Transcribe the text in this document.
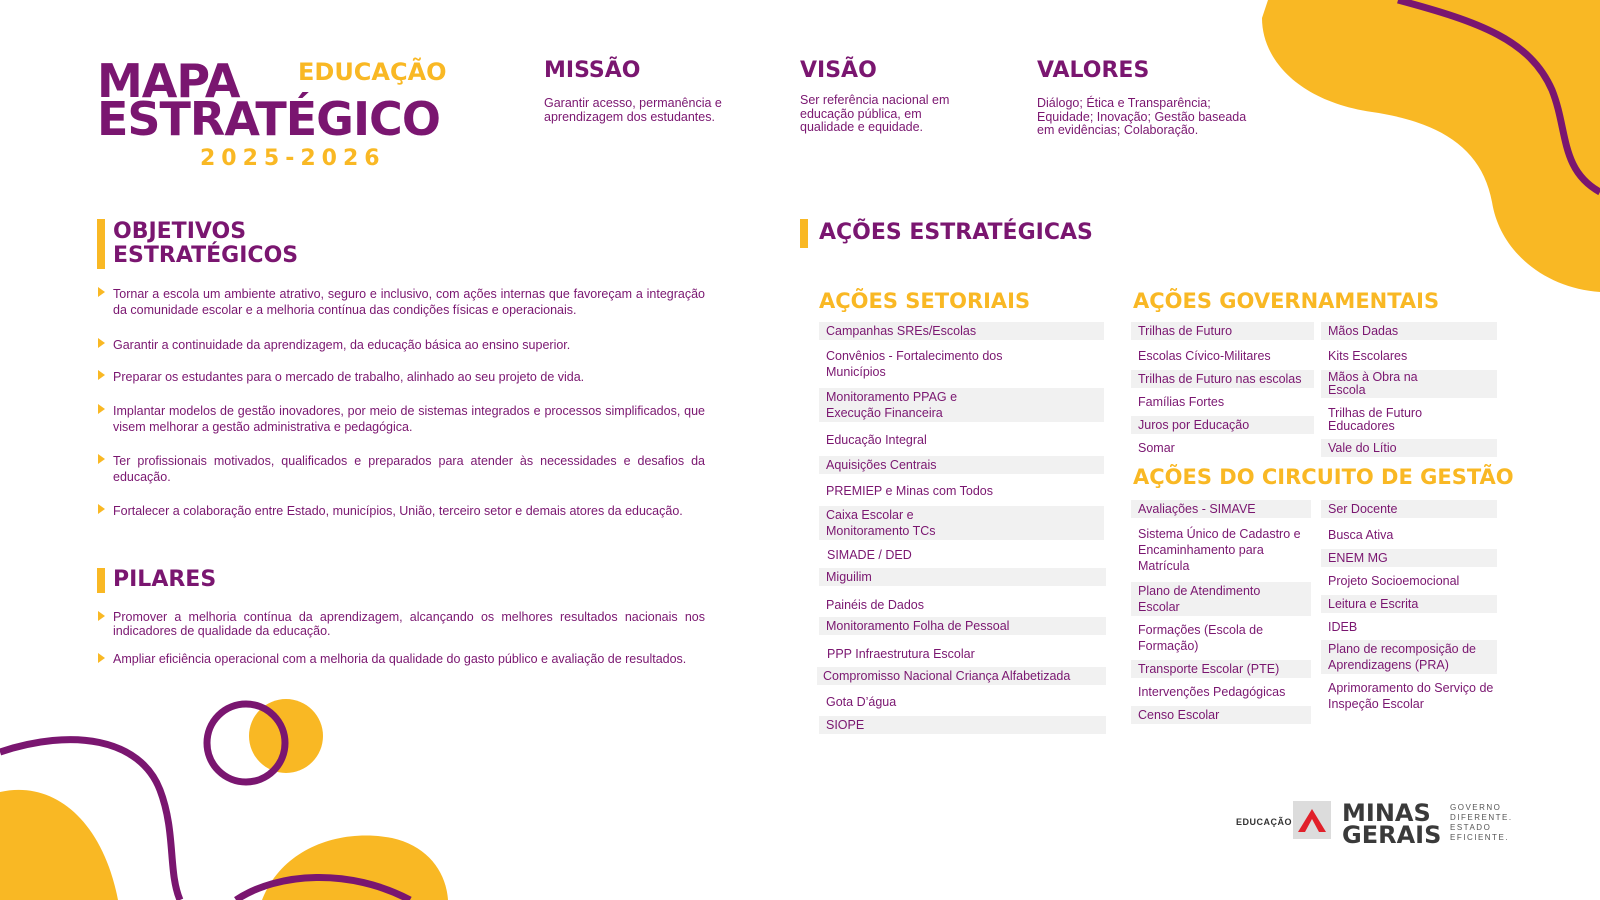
MAPA
ESTRATÉGICO
EDUCAÇÃO
2025-2026
MISSÃO
Garantir acesso, permanência e aprendizagem dos estudantes.
VISÃO
Ser referência nacional em educação pública, em qualidade e equidade.
VALORES
Diálogo; Ética e Transparência; Equidade; Inovação; Gestão baseada em evidências; Colaboração.
OBJETIVOS
ESTRATÉGICOS
Tornar a escola um ambiente atrativo, seguro e inclusivo, com ações internas que favoreçam a integração da comunidade escolar e a melhoria contínua das condições físicas e operacionais.
Garantir a continuidade da aprendizagem, da educação básica ao ensino superior.
Preparar os estudantes para o mercado de trabalho, alinhado ao seu projeto de vida.
Implantar modelos de gestão inovadores, por meio de sistemas integrados e processos simplificados, que visem melhorar a gestão administrativa e pedagógica.
Ter profissionais motivados, qualificados e preparados para atender às necessidades e desafios da educação.
Fortalecer a colaboração entre Estado, municípios, União, terceiro setor e demais atores da educação.
PILARES
Promover a melhoria contínua da aprendizagem, alcançando os melhores resultados nacionais nos indicadores de qualidade da educação.
Ampliar eficiência operacional com a melhoria da qualidade do gasto público e avaliação de resultados.
AÇÕES ESTRATÉGICAS
AÇÕES SETORIAIS
Campanhas SREs/Escolas
Convênios - Fortalecimento dos Municípios
Monitoramento PPAG e Execução Financeira
Educação Integral
Aquisições Centrais
PREMIEP e Minas com Todos
Caixa Escolar e Monitoramento TCs
SIMADE / DED
Miguilim
Painéis de Dados
Monitoramento Folha de Pessoal
PPP Infraestrutura Escolar
Compromisso Nacional Criança Alfabetizada
Gota D’água
SIOPE
AÇÕES GOVERNAMENTAIS
Trilhas de Futuro
Escolas Cívico-Militares
Trilhas de Futuro nas escolas
Famílias Fortes
Juros por Educação
Somar
Mãos Dadas
Kits Escolares
Mãos à Obra na Escola
Trilhas de Futuro Educadores
Vale do Lítio
AÇÕES DO CIRCUITO DE GESTÃO
Avaliações - SIMAVE
Sistema Único de Cadastro e Encaminhamento para Matrícula
Plano de Atendimento Escolar
Formações (Escola de Formação)
Transporte Escolar (PTE)
Intervenções Pedagógicas
Censo Escolar
Ser Docente
Busca Ativa
ENEM MG
Projeto Socioemocional
Leitura e Escrita
IDEB
Plano de recomposição de Aprendizagens (PRA)
Aprimoramento do Serviço de Inspeção Escolar
EDUCAÇÃO MINAS
GERAIS
GOVERNO
DIFERENTE.
ESTADO
EFICIENTE.
